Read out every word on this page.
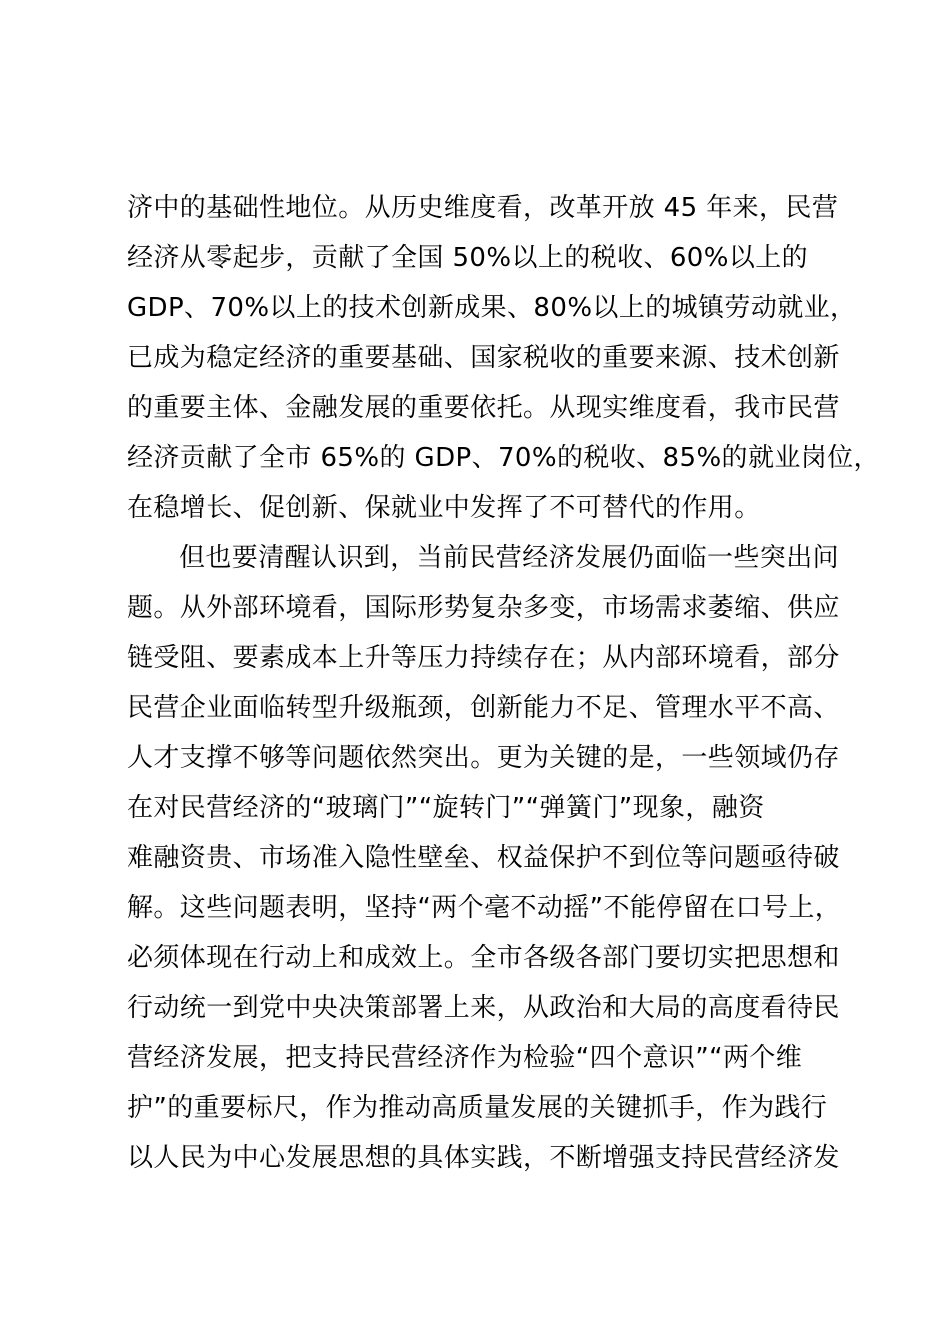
济中的基础性地位。从历史维度看，改革开放 45 年来，民营
经济从零起步，贡献了全国 50%以上的税收、60%以上的
GDP、70%以上的技术创新成果、80%以上的城镇劳动就业，
已成为稳定经济的重要基础、国家税收的重要来源、技术创新
的重要主体、金融发展的重要依托。从现实维度看，我市民营
经济贡献了全市 65%的 GDP、70%的税收、85%的就业岗位，
在稳增长、促创新、保就业中发挥了不可替代的作用。
但也要清醒认识到，当前民营经济发展仍面临一些突出问
题。从外部环境看，国际形势复杂多变，市场需求萎缩、供应
链受阻、要素成本上升等压力持续存在；从内部环境看，部分
民营企业面临转型升级瓶颈，创新能力不足、管理水平不高、
人才支撑不够等问题依然突出。更为关键的是，一些领域仍存
在对民营经济的“玻璃门”“旋转门”“弹簧门”现象，融资
难融资贵、市场准入隐性壁垒、权益保护不到位等问题亟待破
解。这些问题表明，坚持“两个毫不动摇”不能停留在口号上，
必须体现在行动上和成效上。全市各级各部门要切实把思想和
行动统一到党中央决策部署上来，从政治和大局的高度看待民
营经济发展，把支持民营经济作为检验“四个意识”“两个维
护”的重要标尺，作为推动高质量发展的关键抓手，作为践行
以人民为中心发展思想的具体实践，不断增强支持民营经济发
